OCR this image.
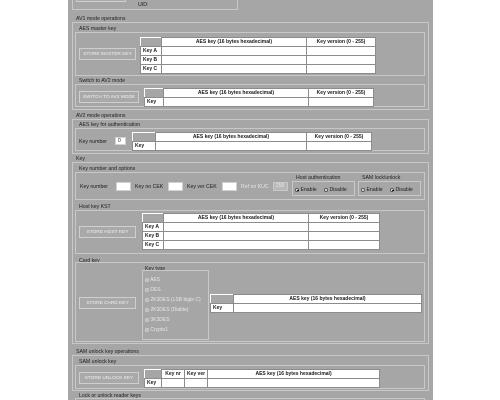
UID:
AV1 mode operations
AES master key
STORE MASTER KEY
	AES key (16 bytes hexadecimal)	Key version (0 - 255)
Key A		
Key B		
Key C		
Switch to AV2 mode
SWITCH TO AV2 MODE
	AES key (16 bytes hexadecimal)	Key version (0 - 255)
Key		
AV2 mode operations
AES key for authentication
Key number	0
	AES key (16 bytes hexadecimal)	Key version (0 - 255)
Key		
Key
Key number and options
Key number	Key no CEK	Key ver CEK	Ref no KUC	255
Host authentication
Enable	Disable
SAM lock/unlock
Enable	Disable
Host key KST
STORE HOST KEY
	AES key (16 bytes hexadecimal)	Key version (0 - 255)
Key A		
Key B		
Key C		
Card key
STORE CARD KEY
Key type
AES
DES
2K3DES (LSB bigle C)
2K3DES (Diable)
3K3DES
Crypto1
	AES key (16 bytes hexadecimal)
Key	
SAM unlock key operations
SAM unlock key
STORE UNLOCK KEY
	Key nr	Key ver	AES key (16 bytes hexadecimal)
Key			
Lock or unlock reader keys
